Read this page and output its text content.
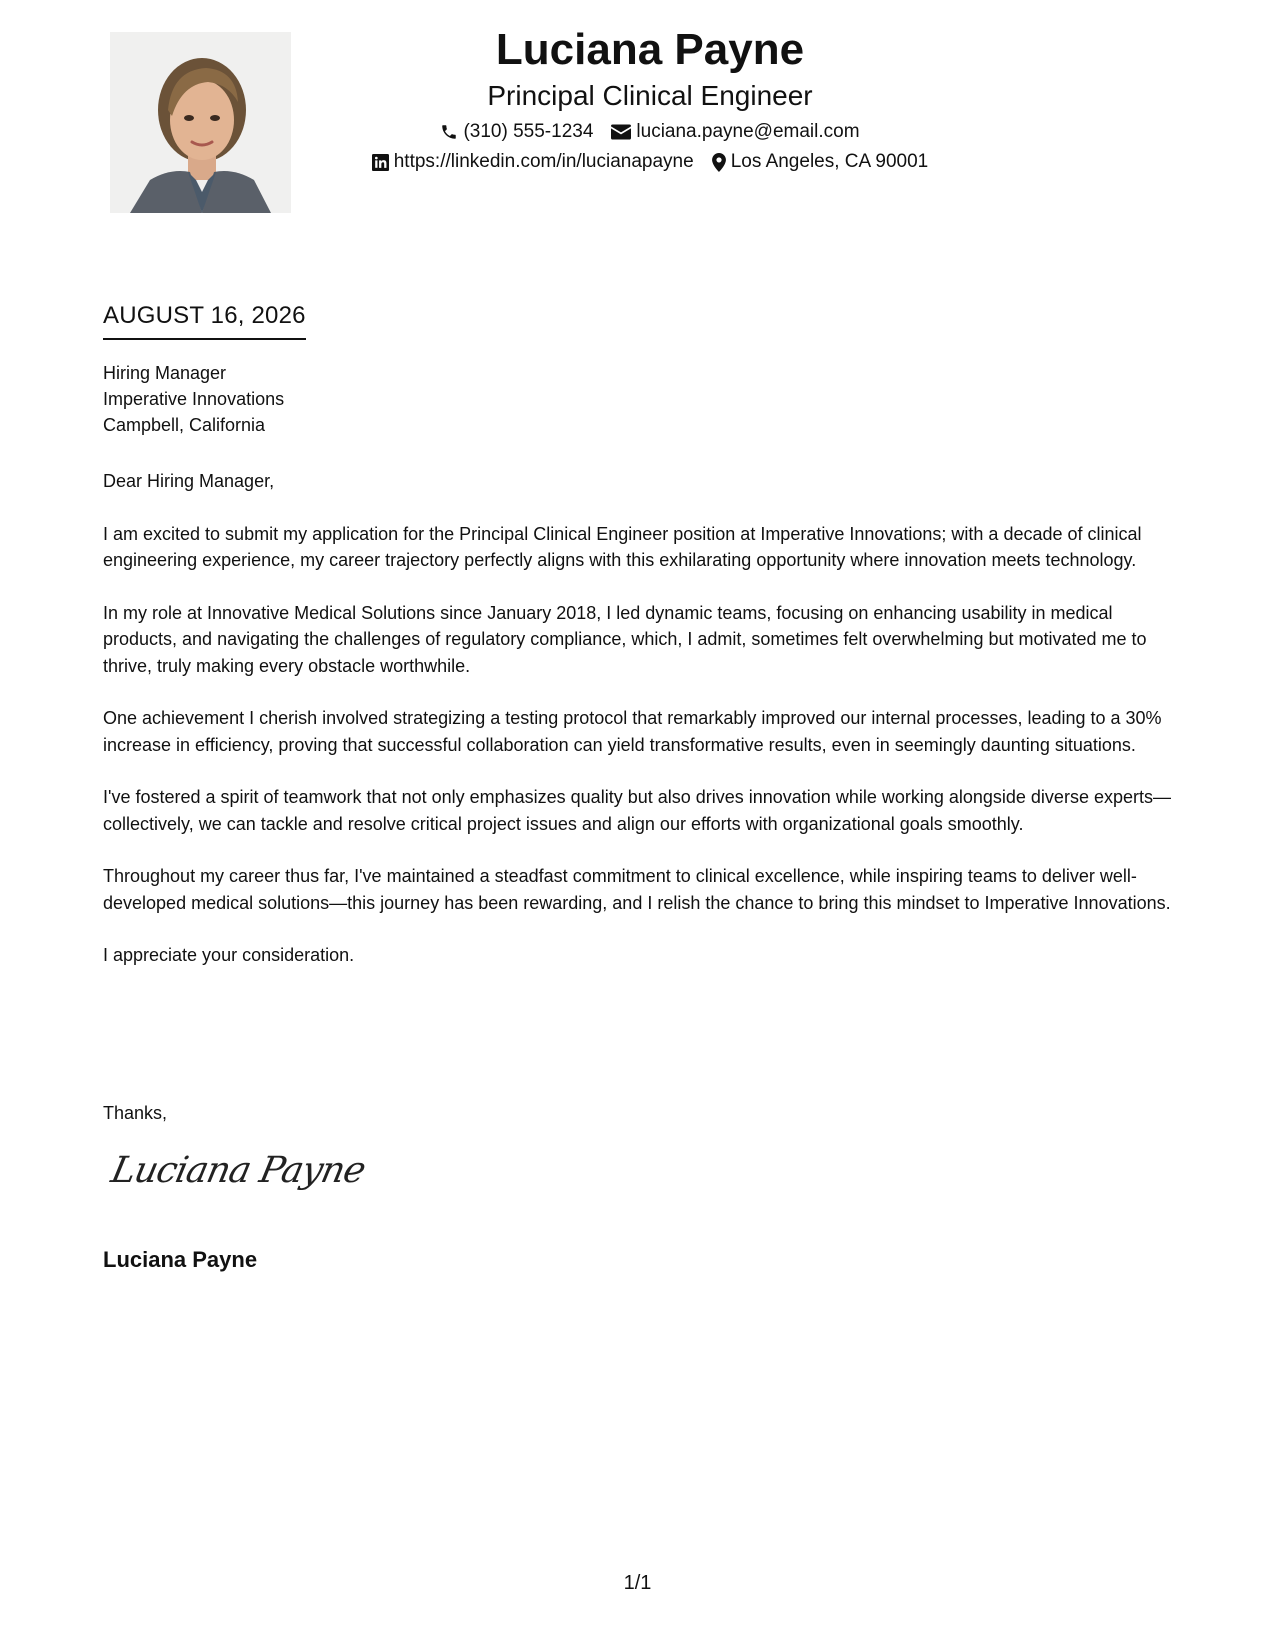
Luciana Payne
Principal Clinical Engineer
(310) 555-1234 luciana.payne@email.com
https://linkedin.com/in/lucianapayne Los Angeles, CA 90001
AUGUST 16, 2026
Hiring Manager
Imperative Innovations
Campbell, California

Dear Hiring Manager,

I am excited to submit my application for the Principal Clinical Engineer position at Imperative Innovations; with a decade of clinical engineering experience, my career trajectory perfectly aligns with this exhilarating opportunity where innovation meets technology.

In my role at Innovative Medical Solutions since January 2018, I led dynamic teams, focusing on enhancing usability in medical products, and navigating the challenges of regulatory compliance, which, I admit, sometimes felt overwhelming but motivated me to thrive, truly making every obstacle worthwhile.

One achievement I cherish involved strategizing a testing protocol that remarkably improved our internal processes, leading to a 30% increase in efficiency, proving that successful collaboration can yield transformative results, even in seemingly daunting situations.

I've fostered a spirit of teamwork that not only emphasizes quality but also drives innovation while working alongside diverse experts—collectively, we can tackle and resolve critical project issues and align our efforts with organizational goals smoothly.

Throughout my career thus far, I've maintained a steadfast commitment to clinical excellence, while inspiring teams to deliver well-developed medical solutions—this journey has been rewarding, and I relish the chance to bring this mindset to Imperative Innovations.

I appreciate your consideration.

Thanks,
Luciana Payne
Luciana Payne
1/1
